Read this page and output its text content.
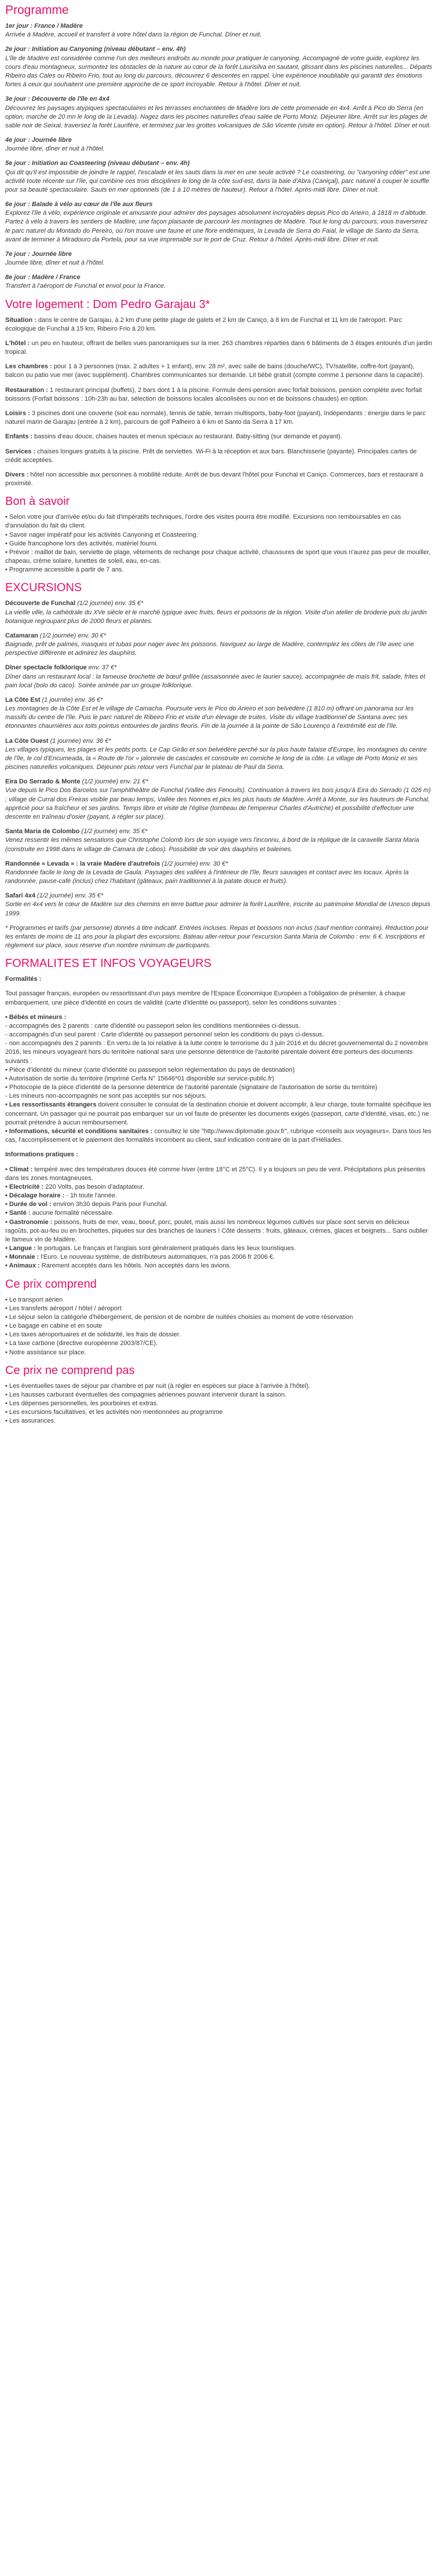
Programme

1er jour : France / Madère
Arrivée à Madère, accueil et transfert à votre hôtel dans la région de Funchal. Dîner et nuit.

2e jour : Initiation au Canyoning (niveau débutant – env. 4h)
L'île de Madère est considérée comme l'un des meilleurs endroits au monde pour pratiquer le canyoning. Accompagné de votre guide, explorez les cours d'eau montagneux, surmontez les obstacles de la nature au cœur de la forêt Laurisilva en sautant, glissant dans les piscines naturelles... Départs Ribeiro das Cales ou Ribeiro Frio, tout au long du parcours, découvrez 6 descentes en rappel. Une expérience inoubliable qui garantit des émotions fortes à ceux qui souhaitent une première approche de ce sport incroyable. Retour à l'hôtel. Dîner et nuit.

3e jour : Découverte de l'île en 4x4
Découvrez les paysages atypiques spectaculaires et les terrasses enchantées de Madère lors de cette promenade en 4x4. Arrêt à Pico do Serra (en option, marche de 20 mn le long de la Levada). Nagez dans les piscines naturelles d'eau salée de Porto Moniz. Déjeuner libre. Arrêt sur les plages de sable noir de Seixal, traversez la forêt Laurifère, et terminez par les grottes volcaniques de São Vicente (visite en option). Retour à l'hôtel. Dîner et nuit.

4e jour : Journée libre
Journée libre, dîner et nuit à l'hôtel.

5e jour : Initiation au Coasteering (niveau débutant – env. 4h)
Qui dit qu'il est impossible de joindre le rappel, l'escalade et les sauts dans la mer en une seule activité ? Le coasteering, ou "canyoning côtier" est une activité toute récente sur l'île, qui combine ces trois disciplines le long de la côte sud-est, dans la baie d'Abra (Caniçal), parc naturel à couper le souffle pour sa beauté spectaculaire. Sauts en mer optionnels (de 1 à 10 mètres de hauteur). Retour à l'hôtel. Après-midi libre. Dîner et nuit.

6e jour : Balade à vélo au cœur de l'île aux fleurs
Explorez l'île à vélo, expérience originale et amusante pour admirer des paysages absolument incroyables depuis Pico do Arieiro, à 1818 m d'altitude. Partez à vélo à travers les sentiers de Madère, une façon plaisante de parcourir les montagnes de Madère. Tout le long du parcours, vous traverserez le parc naturel du Montado do Pereiro, où l'on trouve une faune et une flore endémiques, la Levada de Serra do Faial, le village de Santo da Serra, avant de terminer à Miradouro da Portela, pour sa vue imprenable sur le port de Cruz. Retour à l'hôtel. Après-midi libre. Dîner et nuit.

7e jour : Journée libre
Journée libre, dîner et nuit à l'hôtel.

8e jour : Madère / France
Transfert à l'aéroport de Funchal et envol pour la France.

Votre logement : Dom Pedro Garajau 3*

Situation : dans le centre de Garajau, à 2 km d'une petite plage de galets et 2 km de Caniço, à 8 km de Funchal et 11 km de l'aéroport. Parc écologique de Funchal à 15 km, Ribeiro Frio à 20 km.

L'hôtel : un peu en hauteur, offrant de belles vues panoramiques sur la mer. 263 chambres réparties dans 6 bâtiments de 3 étages entourés d'un jardin tropical.

Les chambres : pour 1 à 3 personnes (max. 2 adultes + 1 enfant), env. 28 m², avec salle de bains (douche/WC), TV/satellite, coffre-fort (payant), balcon ou patio vue mer (avec supplément). Chambres communicantes sur demande. Lit bébé gratuit (compte comme 1 personne dans la capacité).

Restauration : 1 restaurant principal (buffets), 2 bars dont 1 à la piscine. Formule demi-pension avec forfait boissons, pension complète avec forfait boissons (Forfait boissons : 10h-23h au bar, sélection de boissons locales alcoolisées ou non et de boissons chaudes) en option.

Loisirs : 3 piscines dont une couverte (soit eau normale), tennis de table, terrain multisports, baby-foot (payant), Indépendants : énergie dans le parc naturel marin de Garajau (entrée à 2 km), parcours de golf Palheiro à 6 km et Santo da Serra à 17 km.

Enfants : bassins d'eau douce, chaises hautes et menus spéciaux au restaurant. Baby-sitting (sur demande et payant).

Services : chaises longues gratuits à la piscine. Prêt de serviettes. Wi-Fi à la réception et aux bars. Blanchisserie (payante). Principales cartes de crédit acceptées.

Divers : hôtel non accessible aux personnes à mobilité réduite. Arrêt de bus devant l'hôtel pour Funchal et Caniço. Commerces, bars et restaurant à proximité.

Bon à savoir
• Selon votre jour d'arrivée et/ou du fait d'impératifs techniques, l'ordre des visites pourra être modifié. Excursions non remboursables en cas d'annulation du fait du client.
• Savoir nager impératif pour les activités Canyoning et Coasteering.
• Guide francophone lors des activités, matériel fourni.
• Prévoir : maillot de bain, serviette de plage, vêtements de rechange pour chaque activité, chaussures de sport que vous n'aurez pas peur de mouiller, chapeau, crème solaire, lunettes de soleil, eau, en-cas.
• Programme accessible à partir de 7 ans.
EXCURSIONS

Découverte de Funchal (1/2 journée) env. 35 €*
La vieille ville, la cathédrale du XVe siècle et le marché typique avec fruits, fleurs et poissons de la région. Visite d'un atelier de broderie puis du jardin botanique regroupant plus de 2000 fleurs et plantes.

Catamaran (1/2 journée) env. 30 €*
Baignade, prêt de palmes, masques et tubas pour nager avec les poissons. Naviguez au large de Madère, contemplez les côtes de l'île avec une perspective différente et admirez les dauphins.

Dîner spectacle folklorique env. 37 €*
Dîner dans un restaurant local : la fameuse brochette de bœuf grillée (assaisonnée avec le laurier sauce), accompagnée de maïs frit, salade, frites et pain local (bolo do caco). Soirée animée par un groupe folklorique.

La Côte Est (1 journée) env. 36 €*
Les montagnes de la Côte Est et le village de Camacha. Poursuite vers le Pico do Arieiro et son belvédère (1 810 m) offrant un panorama sur les massifs du centre de l'île. Puis le parc naturel de Ribeiro Frio et visite d'un élevage de truites. Visite du village traditionnel de Santana avec ses étonnantes chaumières aux toits pointus entourées de jardins fleuris. Fin de la journée à la pointe de São Lourenço à l'extrémité est de l'île.

La Côte Ouest (1 journée) env. 36 €*
Les villages typiques, les plages et les petits ports. Le Cap Girão et son belvédère perché sur la plus haute falaise d'Europe, les montagnes du centre de l'île, le col d'Encumeada, la « Route de l'or » jalonnée de cascades et construite en corniche le long de la côte. Le village de Porto Moniz et ses piscines naturelles volcaniques. Déjeuner puis retour vers Funchal par le plateau de Paul da Serra.

Eira Do Serrado & Monte (1/2 journée) env. 21 €*
Vue depuis le Pico Dos Barcelos sur l'amphithéâtre de Funchal (Vallée des Fenouils). Continuation à travers les bois jusqu'à Eira do Serrado (1 026 m) ; village de Curral dos Freiras visible par beau temps, Vallée des Nonnes et pics les plus hauts de Madère. Arrêt à Monte, sur les hauteurs de Funchal, apprécié pour sa fraîcheur et ses jardins. Temps libre et visite de l'église (tombeau de l'empereur Charles d'Autriche) et possibilité d'effectuer une descente en traîneau d'osier (payant, à régler sur place).

Santa Maria de Colombo (1/2 journée) env. 35 €*
Venez ressentir les mêmes sensations que Christophe Colomb lors de son voyage vers l'inconnu, à bord de la réplique de la caravelle Santa Maria (construite en 1998 dans le village de Camara de Lobos). Possibilité de voir des dauphins et baleines.

Randonnée « Levada » : la vraie Madère d'autrefois (1/2 journée) env. 30 €*
Randonnée facile le long de la Levada de Gaula. Paysages des vallées à l'intérieur de l'île, fleurs sauvages et contact avec les locaux. Après la randonnée, pause-café (inclus) chez l'habitant (gâteaux, pain traditionnel à la patate douce et fruits).

Safari 4x4 (1/2 journée) env. 35 €*
Sortie en 4x4 vers le cœur de Madère sur des chemins en terre battue pour admirer la forêt Laurifère, inscrite au patrimoine Mondial de Unesco depuis 1999.

* Programmes et tarifs (par personne) donnés à titre indicatif. Entrées incluses. Repas et boissons non inclus (sauf mention contraire). Réduction pour les enfants de moins de 11 ans pour la plupart des excursions. Bateau aller-retour pour l'excursion Santa Maria de Colombo : env. 6 €. Inscriptions et règlement sur place, sous réserve d'un nombre minimum de participants.

FORMALITES ET INFOS VOYAGEURS

Formalités :

Tout passager français, européen ou ressortissant d'un pays membre de l'Espace Économique Européen a l'obligation de présenter, à chaque embarquement, une pièce d'identité en cours de validité (carte d'identité ou passeport), selon les conditions suivantes :

• Bébés et mineurs :
- accompagnés des 2 parents : carte d'identité ou passeport selon les conditions mentionnées ci-dessus.
- accompagnés d'un seul parent : Carte d'identité ou passeport personnel selon les conditions du pays ci-dessus.
- non accompagnés des 2 parents : En vertu de la loi relative à la lutte contre le terrorisme du 3 juin 2016 et du décret gouvernemental du 2 novembre 2016, les mineurs voyageant hors du territoire national sans une personne détentrice de l'autorité parentale doivent être porteurs des documents suivants :
• Pièce d'identité du mineur (carte d'identité ou passeport selon réglementation du pays de destination)
• Autorisation de sortie du territoire (imprimé Cerfa N° 15646*01 disponible sur service-public.fr)
• Photocopie de la pièce d'identité de la personne détentrice de l'autorité parentale (signataire de l'autorisation de sortie du territoire)
- Les mineurs non-accompagnés ne sont pas acceptés sur nos séjours.
• Les ressortissants étrangers doivent consulter le consulat de la destination choisie et doivent accomplir, à leur charge, toute formalité spécifique les concernant. Un passager qui ne pourrait pas embarquer sur un vol faute de présenter les documents exigés (passeport, carte d'identité, visas, etc.) ne pourrait prétendre à aucun remboursement.
• Informations, sécurité et conditions sanitaires : consultez le site "http://www.diplomatie.gouv.fr", rubrique «conseils aux voyageurs». Dans tous les cas, l'accomplissement et le paiement des formalités incombent au client, sauf indication contraire de la part d'Héliades.

Informations pratiques :

• Climat : tempéré avec des températures douces été comme hiver (entre 18°C et 25°C). Il y a toujours un peu de vent. Précipitations plus présentes dans les zones montagneuses.
• Electricité : 220 Volts, pas besoin d'adaptateur.
• Décalage horaire : - 1h toute l'année.
• Durée de vol : environ 3h30 depuis Paris pour Funchal.
• Santé : aucune formalité nécessaire.
• Gastronomie : poissons, fruits de mer, veau, boeuf, porc, poulet, mais aussi les nombreux légumes cultivés sur place sont servis en délicieux ragoûts, pot-au-feu ou en brochettes, piquées sur des branches de lauriers ! Côté desserts : fruits, gâteaux, crèmes, glaces et beignets... Sans oublier le fameux vin de Madère.
• Langue : le portugais. Le français et l'anglais sont généralement pratiqués dans les lieux touristiques.
• Monnaie : l'Euro. Le nouveau système, de distributeurs automatiques, n'a pas 2006 fr 2006 €.
• Animaux : Rarement acceptés dans les hôtels. Non acceptés dans les avions.
Ce prix comprend
• Le transport aérien
• Les transferts aéroport / hôtel / aéroport
• Le séjour selon la catégorie d'hébergement, de pension et de nombre de nuitées choisies au moment de votre réservation
• Le bagage en cabine et en soute
• Les taxes aéroportuaires et de solidarité, les frais de dossier.
• La taxe carbone (directive européenne 2003/87/CE).
• Notre assistance sur place.
Ce prix ne comprend pas
• Les éventuelles taxes de séjour par chambre et par nuit (à régler en espèces sur place à l'arrivée à l'hôtel).
• Les hausses carburant éventuelles des compagnies aériennes pouvant intervenir durant la saison.
• Les dépenses personnelles, les pourboires et extras.
• Les excursions facultatives, et les activités non mentionnées au programme
• Les assurances.
